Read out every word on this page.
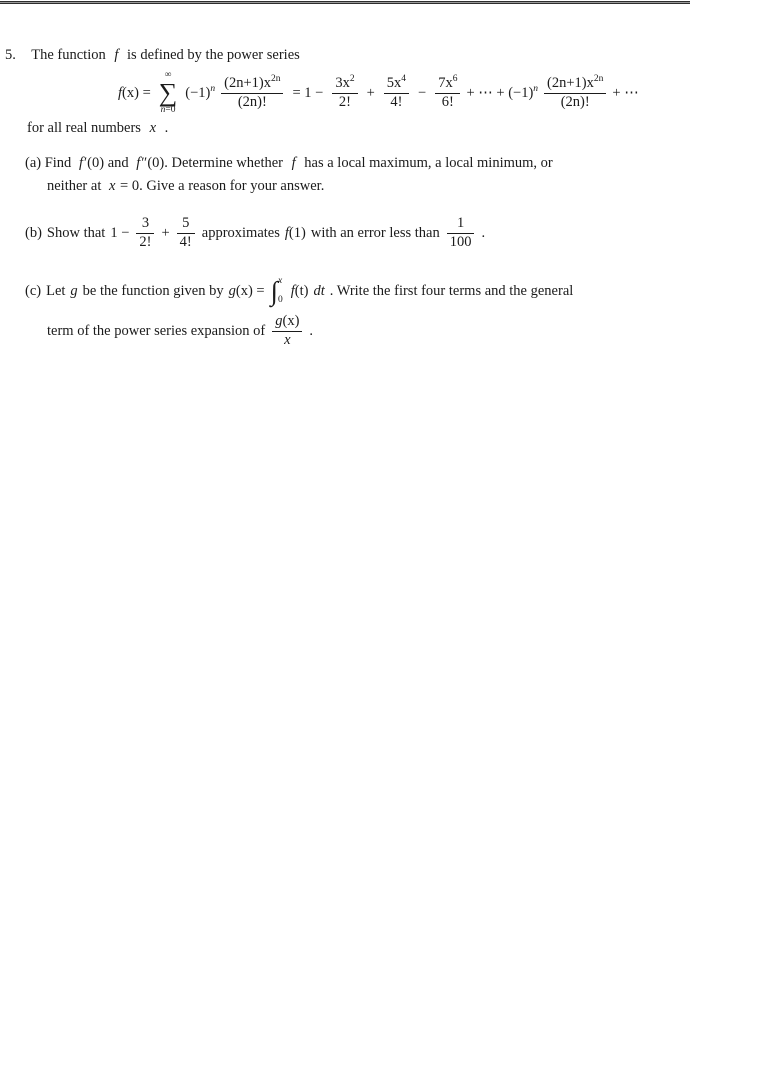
5. The function f is defined by the power series
f(x) =
∞
∑
n=0
$(-1)^n \frac{(2n+1)x^{2n}}{(2n)!} = 1 - \frac{3x^2}{2!} + \frac{5x^4}{4!} - \frac{7x^6}{6!}$ + ⋯ + $(-1)^n \frac{(2n+1)x^{2n}}{(2n)!}$ + ⋯
for all real numbers x .
(a) Find f′(0) and f″(0). Determine whether f has a local maximum, a local minimum, or
neither at x = 0. Give a reason for your answer.
(b) Show that $1 - \frac{3}{2!} + \frac{5}{4!}$ approximates f(1) with an error less than $\frac{1}{100}$ .
(c) Let g be the function given by g(x) = ∫ x
0
f(t) dt . Write the first four terms and the general
term of the power series expansion of $\frac{g(x)}{x}$ .
